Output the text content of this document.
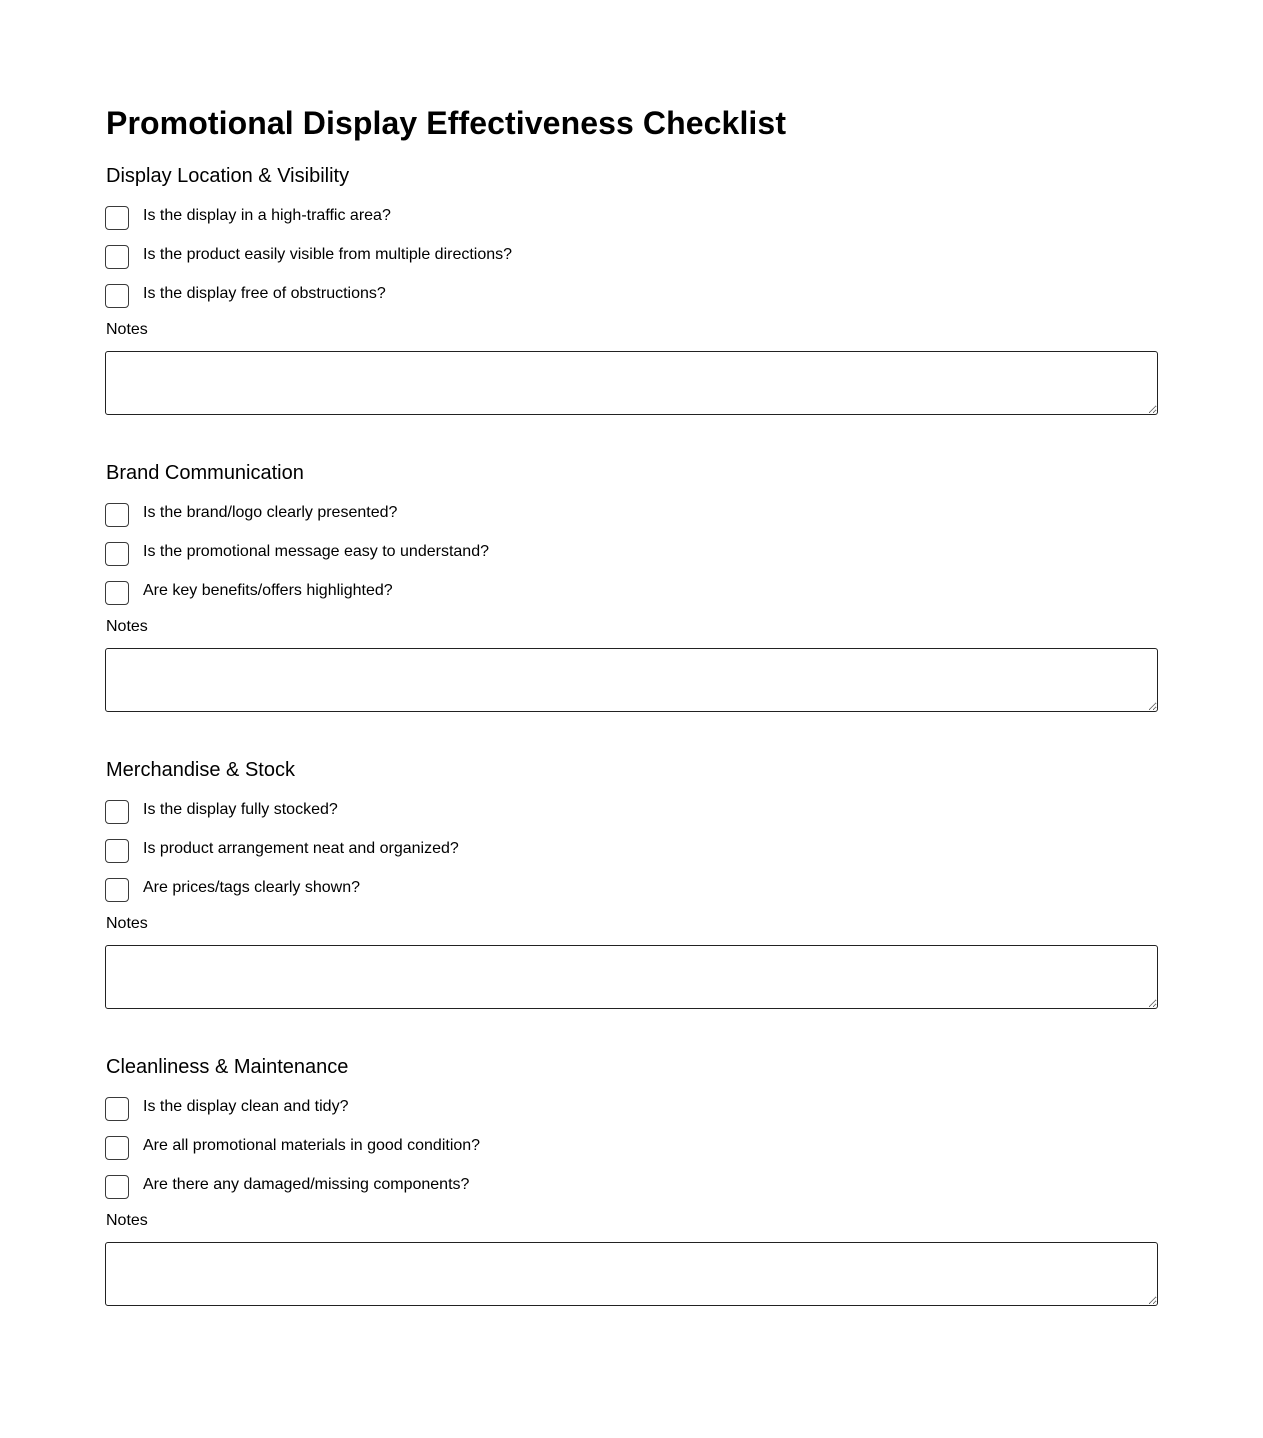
Promotional Display Effectiveness Checklist
Display Location & Visibility
Is the display in a high-traffic area?
Is the product easily visible from multiple directions?
Is the display free of obstructions?
Notes
Brand Communication
Is the brand/logo clearly presented?
Is the promotional message easy to understand?
Are key benefits/offers highlighted?
Notes
Merchandise & Stock
Is the display fully stocked?
Is product arrangement neat and organized?
Are prices/tags clearly shown?
Notes
Cleanliness & Maintenance
Is the display clean and tidy?
Are all promotional materials in good condition?
Are there any damaged/missing components?
Notes
